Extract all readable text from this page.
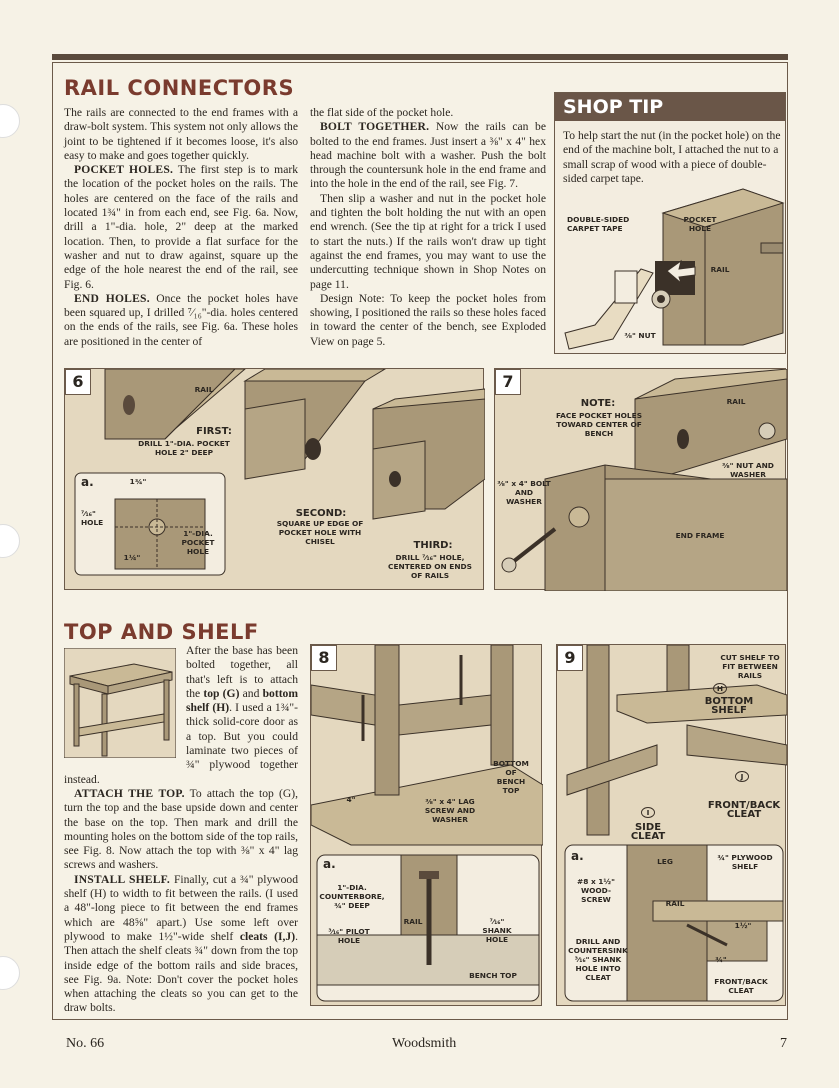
RAIL CONNECTORS

The rails are connected to the end frames with a draw-bolt system. This system not only allows the joint to be tightened if it becomes loose, it's also easy to make and goes together quickly.

POCKET HOLES. The first step is to mark the location of the pocket holes on the rails. The holes are centered on the face of the rails and located 1¾" in from each end, see Fig. 6a. Now, drill a 1"-dia. hole, 2" deep at the marked location. Then, to provide a flat surface for the washer and nut to draw against, square up the edge of the hole nearest the end of the rail, see Fig. 6.

END HOLES. Once the pocket holes have been squared up, I drilled ⁷⁄₁₆"-dia. holes centered on the ends of the rails, see Fig. 6a. These holes are positioned in the center of

the flat side of the pocket hole.

BOLT TOGETHER. Now the rails can be bolted to the end frames. Just insert a ⅜" x 4" hex head machine bolt with a washer. Push the bolt through the countersunk hole in the end frame and into the hole in the end of the rail, see Fig. 7.

Then slip a washer and nut in the pocket hole and tighten the bolt holding the nut with an open end wrench. (See the tip at right for a trick I used to start the nuts.) If the rails won't draw up tight against the end frames, you may want to use the undercutting technique shown in Shop Notes on page 11.

Design Note: To keep the pocket holes from showing, I positioned the rails so these holes faced in toward the center of the bench, see Exploded View on page 5.

SHOP TIP
To help start the nut (in the pocket hole) on the end of the machine bolt, I attached the nut to a small scrap of wood with a piece of double-sided carpet tape.
DOUBLE-SIDED CARPET TAPE
POCKET HOLE
RAIL
⅜" NUT
6	RAIL
FIRST:
DRILL 1"-DIA. POCKET HOLE 2" DEEP
SECOND:
SQUARE UP EDGE OF POCKET HOLE WITH CHISEL	THIRD:
DRILL ⁷⁄₁₆" HOLE, CENTERED ON ENDS OF RAILS
a.	1¾"
⁷⁄₁₆" HOLE
1"-DIA. POCKET HOLE
1¼"
7
NOTE:
FACE POCKET HOLES TOWARD CENTER OF BENCH
RAIL
⅜" x 4" BOLT AND WASHER
⅜" NUT AND WASHER
END FRAME
TOP AND SHELF

After the base has been bolted together, all that's left is to attach the top (G) and bottom shelf (H). I used a 1¾"-thick solid-core door as a top. But you could laminate two pieces of ¾" plywood together instead.

ATTACH THE TOP. To attach the top (G), turn the top and the base upside down and center the base on the top. Then mark and drill the mounting holes on the bottom side of the top rails, see Fig. 8. Now attach the top with ⅜" x 4" lag screws and washers.

INSTALL SHELF. Finally, cut a ¾" plywood shelf (H) to width to fit between the rails. (I used a 48"-long piece to fit between the end frames which are 48⅝" apart.) Use some left over plywood to make 1½"-wide shelf cleats (I,J). Then attach the shelf cleats ¾" down from the top inside edge of the bottom rails and side braces, see Fig. 9a. Note: Don't cover the pocket holes when attaching the cleats so you can get to the draw bolts.

8
BOTTOM OF BENCH TOP
⅜" x 4" LAG SCREW AND WASHER
4"
a.
1"-DIA. COUNTERBORE, ¾" DEEP
³⁄₁₆" PILOT HOLE
RAIL	⁷⁄₁₆" SHANK HOLE
BENCH TOP
9	CUT SHELF TO FIT BETWEEN RAILS
H
BOTTOM SHELF
J
FRONT/BACK CLEAT
I
SIDE CLEAT
a.	LEG	¾" PLYWOOD SHELF
#8 x 1½" WOOD-SCREW	RAIL
1½"
¾"
DRILL AND COUNTERSINK ³⁄₁₆" SHANK HOLE INTO CLEAT	FRONT/BACK CLEAT
No. 66	Woodsmith	7
